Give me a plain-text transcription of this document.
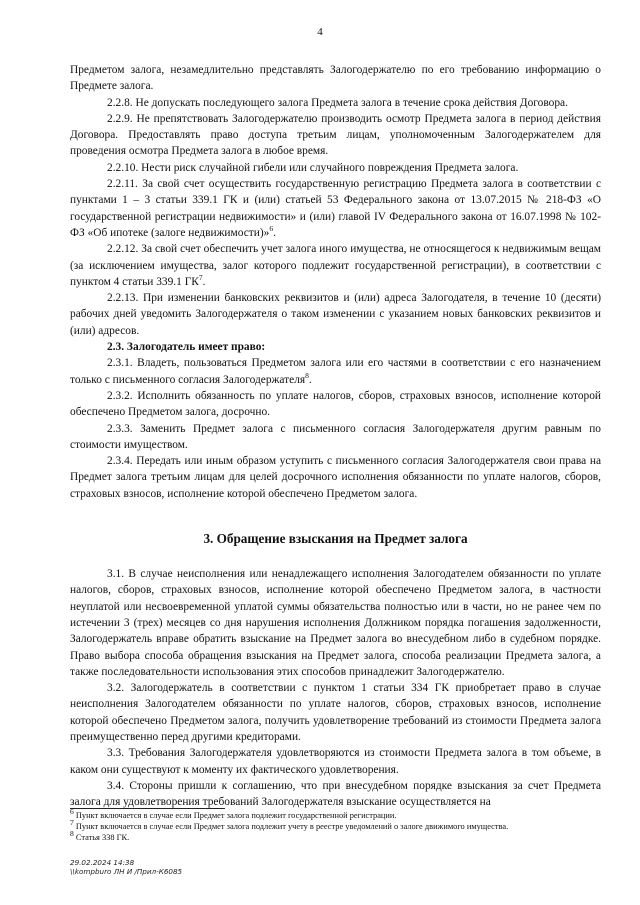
4

Предметом залога, незамедлительно представлять Залогодержателю по его требованию информацию о Предмете залога.

2.2.8. Не допускать последующего залога Предмета залога в течение срока действия Договора.

2.2.9. Не препятствовать Залогодержателю производить осмотр Предмета залога в период действия Договора. Предоставлять право доступа третьим лицам, уполномоченным Залогодержателем для проведения осмотра Предмета залога в любое время.

2.2.10. Нести риск случайной гибели или случайного повреждения Предмета залога.

2.2.11. За свой счет осуществить государственную регистрацию Предмета залога в соответствии с пунктами 1 – 3 статьи 339.1 ГК и (или) статьей 53 Федерального закона от 13.07.2015 № 218-ФЗ «О государственной регистрации недвижимости» и (или) главой IV Федерального закона от 16.07.1998 № 102-ФЗ «Об ипотеке (залоге недвижимости)»$^6$.

2.2.12. За свой счет обеспечить учет залога иного имущества, не относящегося к недвижимым вещам (за исключением имущества, залог которого подлежит государственной регистрации), в соответствии с пунктом 4 статьи 339.1 $ГК^7$.

2.2.13. При изменении банковских реквизитов и (или) адреса Залогодателя, в течение 10 (десяти) рабочих дней уведомить Залогодержателя о таком изменении с указанием новых банковских реквизитов и (или) адресов.

2.3. Залогодатель имеет право:

2.3.1. Владеть, пользоваться Предметом залога или его частями в соответствии с его назначением только с письменного согласия Залогодержателя$^8$.

2.3.2. Исполнить обязанность по уплате налогов, сборов, страховых взносов, исполнение которой обеспечено Предметом залога, досрочно.

2.3.3. Заменить Предмет залога с письменного согласия Залогодержателя другим равным по стоимости имуществом.

2.3.4. Передать или иным образом уступить с письменного согласия Залогодержателя свои права на Предмет залога третьим лицам для целей досрочного исполнения обязанности по уплате налогов, сборов, страховых взносов, исполнение которой обеспечено Предметом залога.

3. Обращение взыскания на Предмет залога

3.1. В случае неисполнения или ненадлежащего исполнения Залогодателем обязанности по уплате налогов, сборов, страховых взносов, исполнение которой обеспечено Предметом залога, в частности неуплатой или несвоевременной уплатой суммы обязательства полностью или в части, но не ранее чем по истечении 3 (трех) месяцев со дня нарушения исполнения Должником порядка погашения задолженности, Залогодержатель вправе обратить взыскание на Предмет залога во внесудебном либо в судебном порядке. Право выбора способа обращения взыскания на Предмет залога, способа реализации Предмета залога, а также последовательности использования этих способов принадлежит Залогодержателю.

3.2. Залогодержатель в соответствии с пунктом 1 статьи 334 ГК приобретает право в случае неисполнения Залогодателем обязанности по уплате налогов, сборов, страховых взносов, исполнение которой обеспечено Предметом залога, получить удовлетворение требований из стоимости Предмета залога преимущественно перед другими кредиторами.

3.3. Требования Залогодержателя удовлетворяются из стоимости Предмета залога в том объеме, в каком они существуют к моменту их фактического удовлетворения.

3.4. Стороны пришли к соглашению, что при внесудебном порядке взыскания за счет Предмета залога для удовлетворения требований Залогодержателя взыскание осуществляется на

$^6$ Пункт включается в случае если Предмет залога подлежит государственной регистрации.

$^7$ Пункт включается в случае если Предмет залога подлежит учету в реестре уведомлений о залоге движимого имущества.

$^8$ Статья 338 ГК.

29.02.2024 14:38
\\kompburo ЛН И /Прил-К6085
